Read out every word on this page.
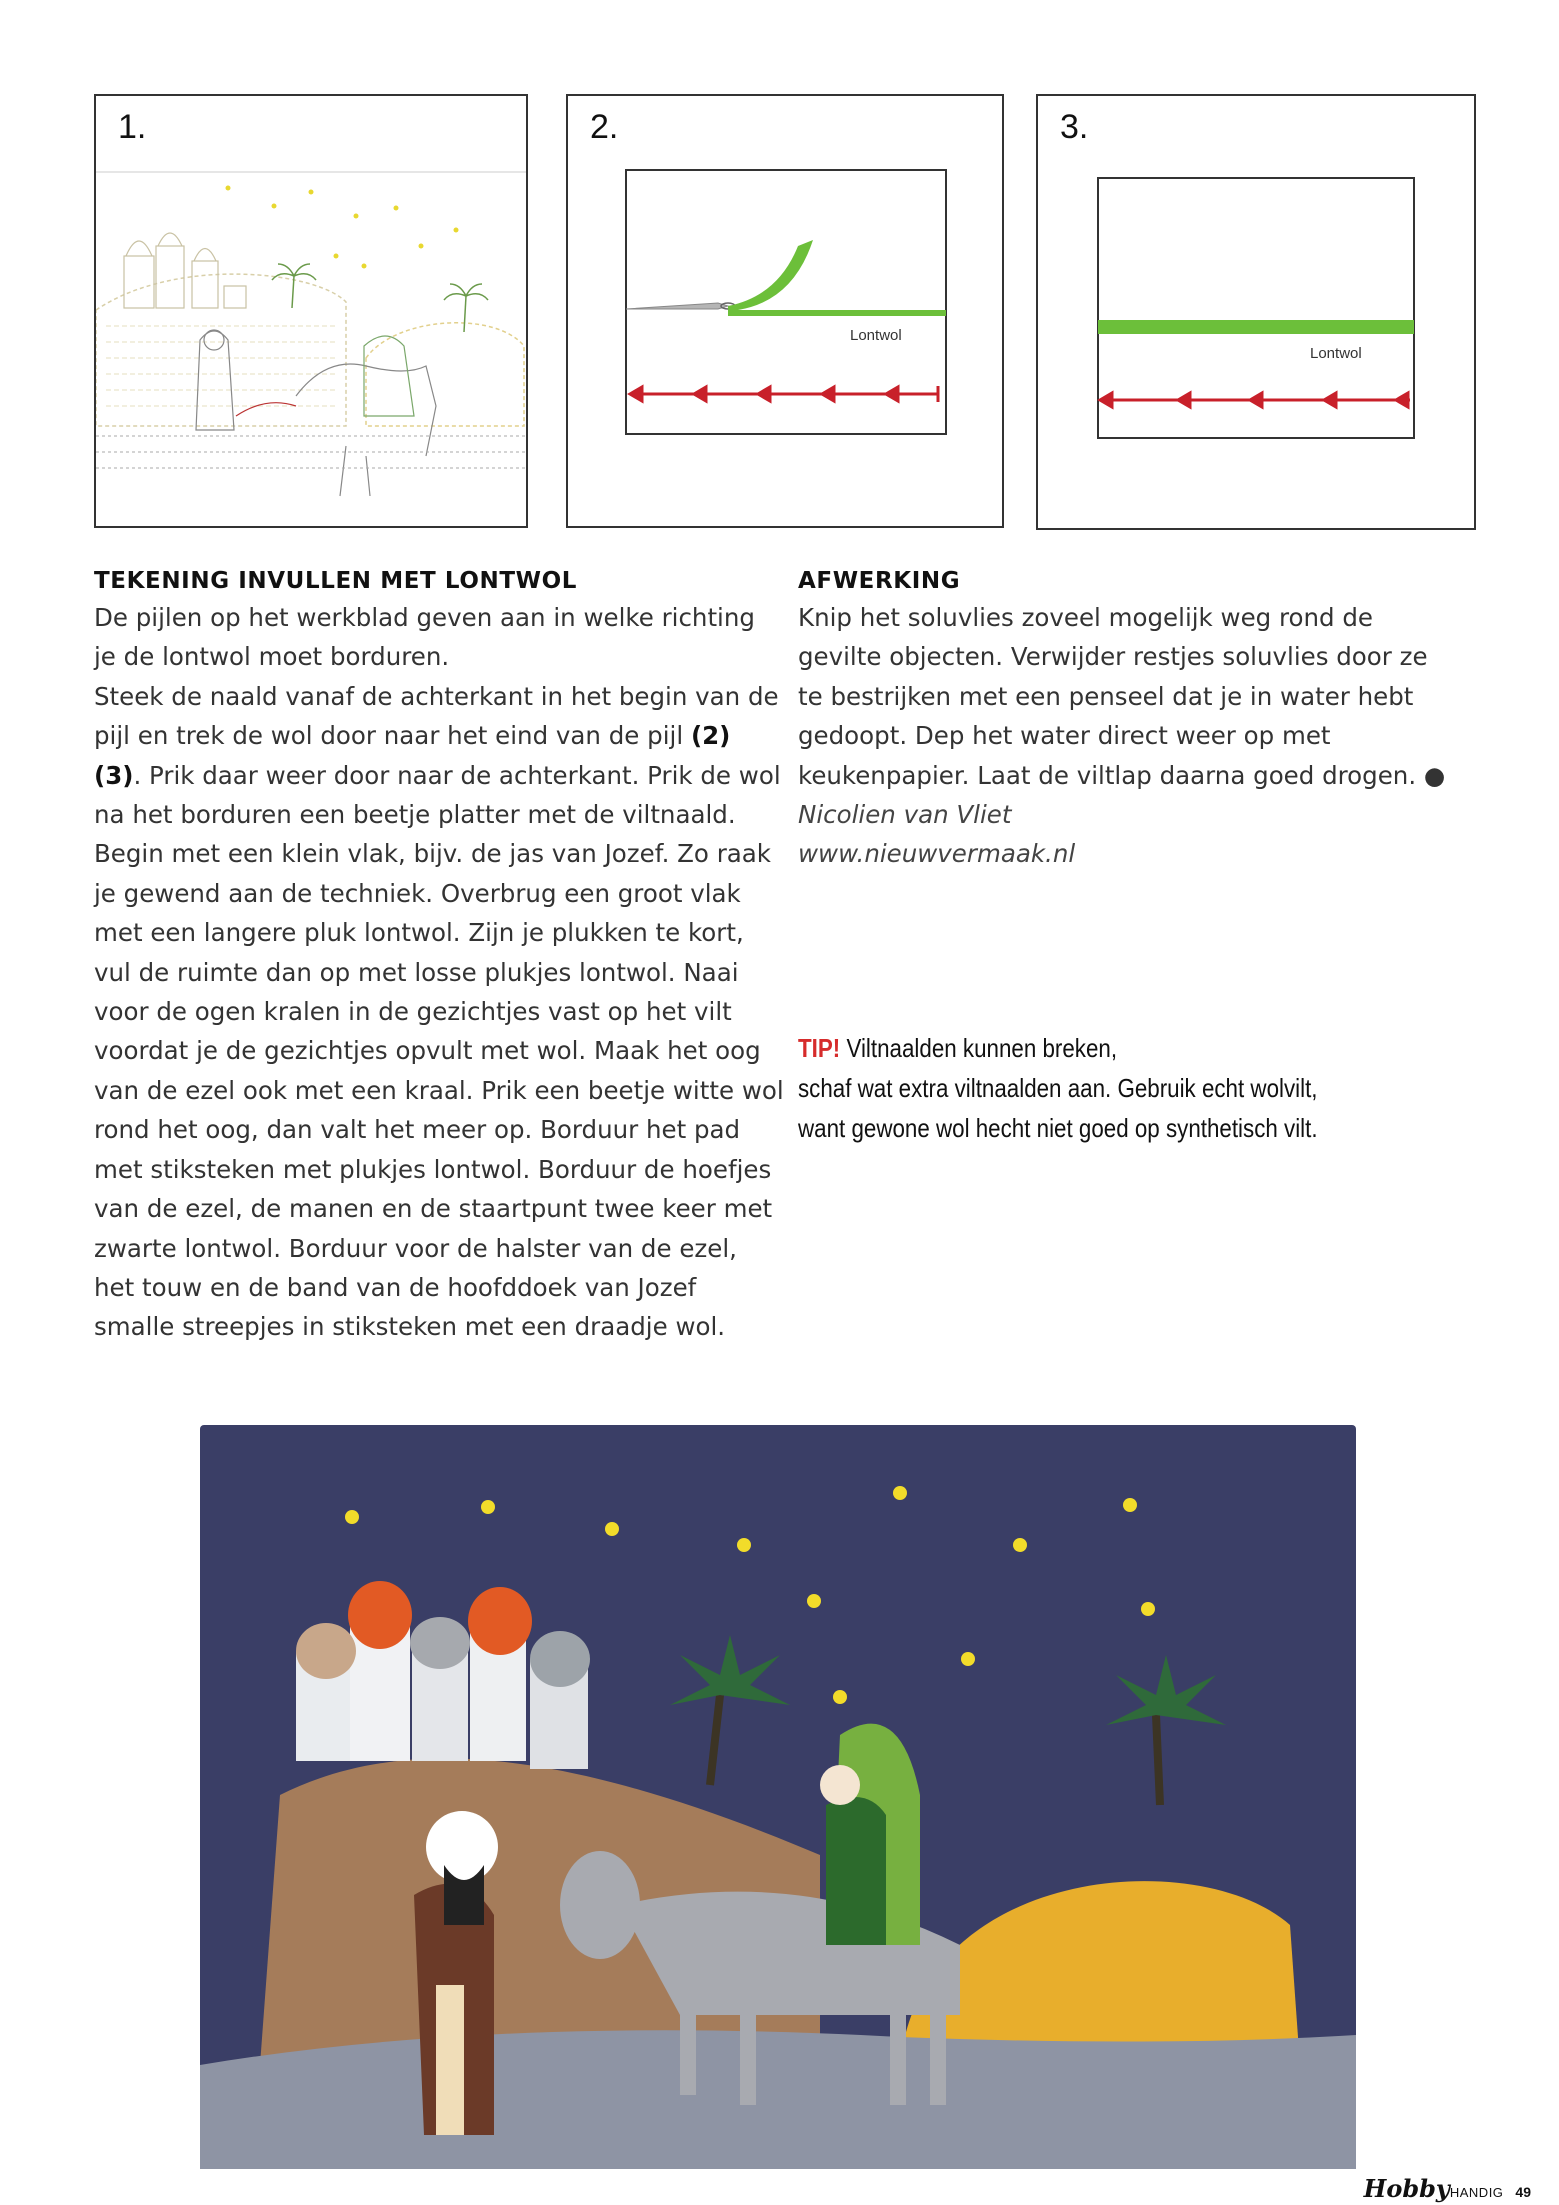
1.
Lontwol
2.
Lontwol
3.

TEKENING INVULLEN MET LONTWOL

De pijlen op het werkblad geven aan in welke richting je de lontwol moet borduren.
Steek de naald vanaf de achterkant in het begin van de pijl en trek de wol door naar het eind van de pijl (2) (3). Prik daar weer door naar de achterkant. Prik de wol na het borduren een beetje platter met de viltnaald. Begin met een klein vlak, bijv. de jas van Jozef. Zo raak je gewend aan de techniek. Overbrug een groot vlak met een langere pluk lontwol. Zijn je plukken te kort, vul de ruimte dan op met losse plukjes lontwol. Naai voor de ogen kralen in de gezichtjes vast op het vilt voordat je de gezichtjes opvult met wol. Maak het oog van de ezel ook met een kraal. Prik een beetje witte wol rond het oog, dan valt het meer op. Borduur het pad met stiksteken met plukjes lontwol. Borduur de hoefjes van de ezel, de manen en de staartpunt twee keer met zwarte lontwol. Borduur voor de halster van de ezel, het touw en de band van de hoofddoek van Jozef smalle streepjes in stiksteken met een draadje wol.

AFWERKING

Knip het soluvlies zoveel mogelijk weg rond de gevilte objecten. Verwijder restjes soluvlies door ze te bestrijken met een penseel dat je in water hebt gedoopt. Dep het water direct weer op met keukenpapier. Laat de viltlap daarna goed drogen. ●
Nicolien van Vliet
www.nieuwvermaak.nl

TIP! Viltnaalden kunnen breken,
schaf wat extra viltnaalden aan. Gebruik echt wolvilt,
want gewone wol hecht niet goed op synthetisch vilt.
HobbyHANDIG 49
